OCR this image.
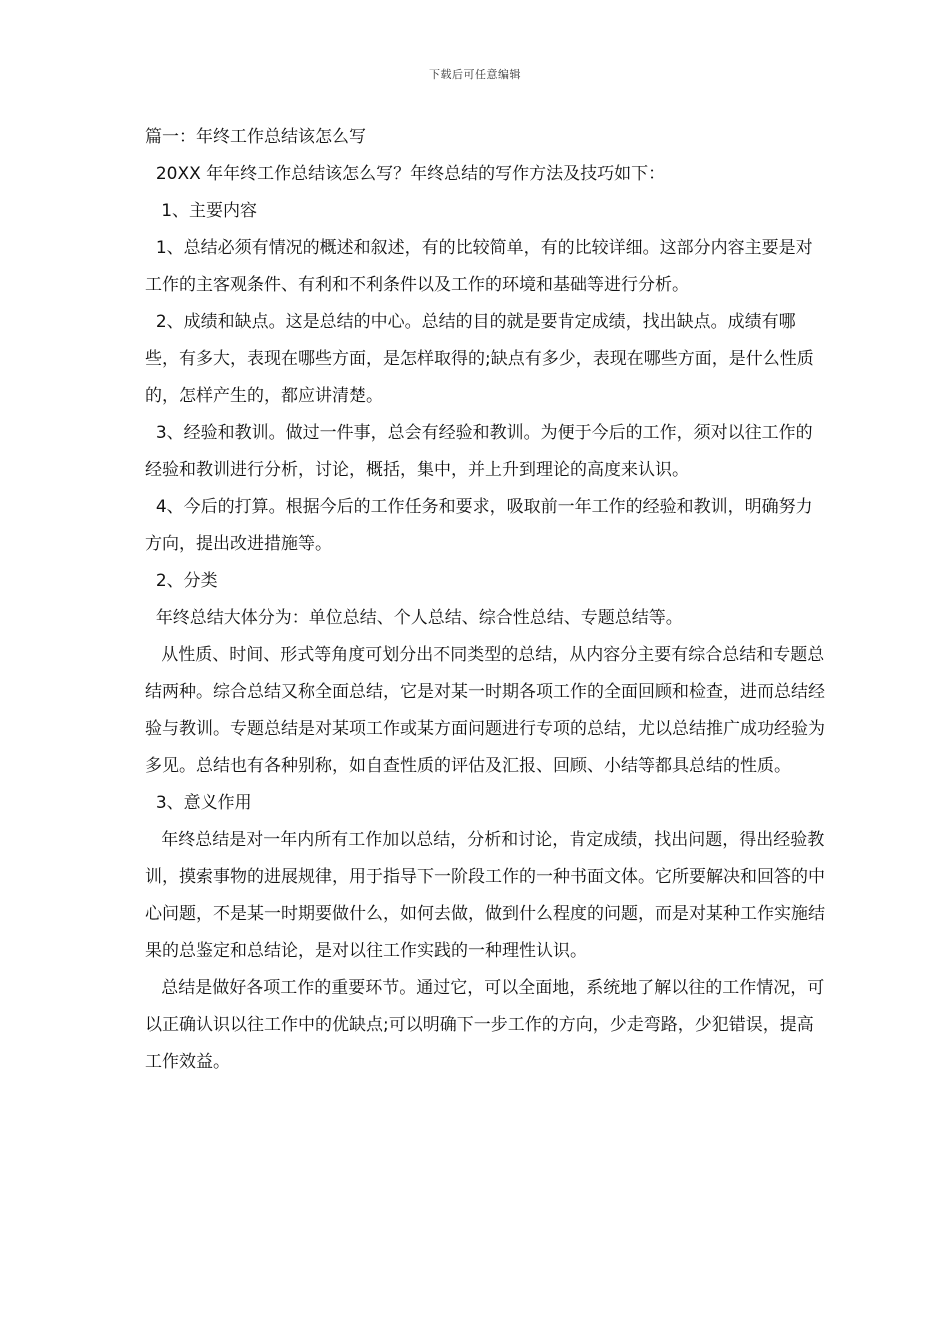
下载后可任意编辑

篇一：年终工作总结该怎么写

20XX 年年终工作总结该怎么写？年终总结的写作方法及技巧如下：

1、主要内容

1、总结必须有情况的概述和叙述，有的比较简单，有的比较详细。这部分内容主要是对工作的主客观条件、有利和不利条件以及工作的环境和基础等进行分析。

2、成绩和缺点。这是总结的中心。总结的目的就是要肯定成绩，找出缺点。成绩有哪些，有多大，表现在哪些方面，是怎样取得的;缺点有多少，表现在哪些方面，是什么性质的，怎样产生的，都应讲清楚。

3、经验和教训。做过一件事，总会有经验和教训。为便于今后的工作，须对以往工作的经验和教训进行分析，讨论，概括，集中，并上升到理论的高度来认识。

4、今后的打算。根据今后的工作任务和要求，吸取前一年工作的经验和教训，明确努力方向，提出改进措施等。

2、分类

年终总结大体分为：单位总结、个人总结、综合性总结、专题总结等。

从性质、时间、形式等角度可划分出不同类型的总结，从内容分主要有综合总结和专题总结两种。综合总结又称全面总结，它是对某一时期各项工作的全面回顾和检查，进而总结经验与教训。专题总结是对某项工作或某方面问题进行专项的总结，尤以总结推广成功经验为多见。总结也有各种别称，如自查性质的评估及汇报、回顾、小结等都具总结的性质。

3、意义作用

年终总结是对一年内所有工作加以总结，分析和讨论，肯定成绩，找出问题，得出经验教训，摸索事物的进展规律，用于指导下一阶段工作的一种书面文体。它所要解决和回答的中心问题，不是某一时期要做什么，如何去做，做到什么程度的问题，而是对某种工作实施结果的总鉴定和总结论，是对以往工作实践的一种理性认识。

总结是做好各项工作的重要环节。通过它，可以全面地，系统地了解以往的工作情况，可以正确认识以往工作中的优缺点;可以明确下一步工作的方向，少走弯路，少犯错误，提高工作效益。
